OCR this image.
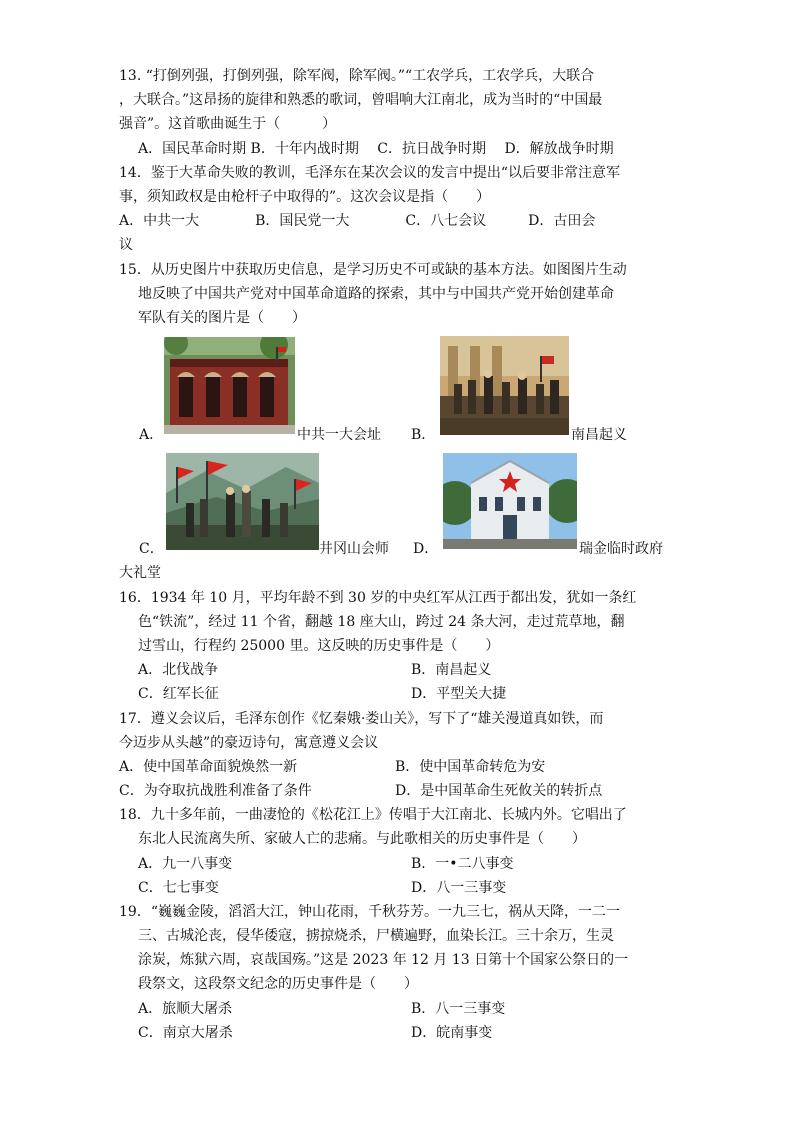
13. “打倒列强，打倒列强，除军阀，除军阀。”“工农学兵，工农学兵，大联合
，大联合。”这昂扬的旋律和熟悉的歌词，曾唱响大江南北，成为当时的“中国最
强音”。这首歌曲诞生于（　　　）
A．国民革命时期 B．十年内战时期　 C．抗日战争时期　 D．解放战争时期
14．鉴于大革命失败的教训，毛泽东在某次会议的发言中提出“以后要非常注意军
事，须知政权是由枪杆子中取得的”。这次会议是指（　　）
A．中共一大　　　　B．国民党一大　　　　C．八七会议　　　D．古田会
议
15．从历史图片中获取历史信息，是学习历史不可或缺的基本方法。如图图片生动
地反映了中国共产党对中国革命道路的探索，其中与中国共产党开始创建革命
军队有关的图片是（　　）
A．	中共一大会址 B．	南昌起义
C．	井冈山会师 D．	瑞金临时政府
大礼堂
16．1934 年 10 月，平均年龄不到 30 岁的中央红军从江西于都出发，犹如一条红
色“铁流”，经过 11 个省，翻越 18 座大山，跨过 24 条大河，走过荒草地，翻
过雪山，行程约 25000 里。这反映的历史事件是（　　）
A．北伐战争	B．南昌起义
C．红军长征	D．平型关大捷
17．遵义会议后，毛泽东创作《忆秦娥·娄山关》，写下了“雄关漫道真如铁，而
今迈步从头越”的豪迈诗句，寓意遵义会议
A．使中国革命面貌焕然一新	B．使中国革命转危为安
C．为夺取抗战胜利准备了条件	D．是中国革命生死攸关的转折点
18．九十多年前，一曲凄怆的《松花江上》传唱于大江南北、长城内外。它唱出了
东北人民流离失所、家破人亡的悲痛。与此歌相关的历史事件是（　　）
A．九一八事变	B．一•二八事变
C．七七事变	D．八一三事变
19．“巍巍金陵，滔滔大江，钟山花雨，千秋芬芳。一九三七，祸从天降，一二一
三、古城沦丧，侵华倭寇，掳掠烧杀，尸横遍野，血染长江。三十余万，生灵
涂炭，炼狱六周，哀哉国殇。”这是 2023 年 12 月 13 日第十个国家公祭日的一
段祭文，这段祭文纪念的历史事件是（　　）
A．旅顺大屠杀	B．八一三事变
C．南京大屠杀	D．皖南事变
